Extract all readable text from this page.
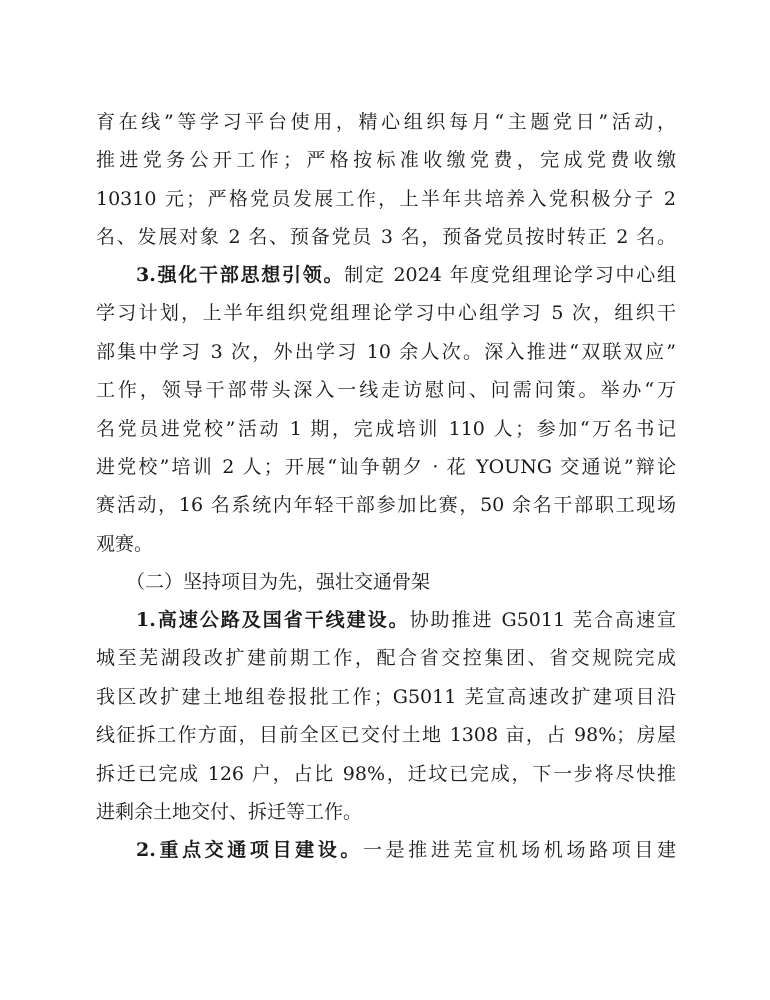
育在线”等学习平台使用，精心组织每月“主题党日”活动，
推进党务公开工作；严格按标准收缴党费，完成党费收缴
10310 元；严格党员发展工作，上半年共培养入党积极分子 2
名、发展对象 2 名、预备党员 3 名，预备党员按时转正 2 名。
3.强化干部思想引领。制定 2024 年度党组理论学习中心组
学习计划，上半年组织党组理论学习中心组学习 5 次，组织干
部集中学习 3 次，外出学习 10 余人次。深入推进“双联双应”
工作，领导干部带头深入一线走访慰问、问需问策。举办“万
名党员进党校”活动 1 期，完成培训 110 人；参加“万名书记
进党校”培训 2 人；开展“讪争朝夕 · 花 YOUNG 交通说”辩论
赛活动，16 名系统内年轻干部参加比赛，50 余名干部职工现场
观赛。
（二）坚持项目为先，强壮交通骨架
1.高速公路及国省干线建设。协助推进 G5011 芜合高速宣
城至芜湖段改扩建前期工作，配合省交控集团、省交规院完成
我区改扩建土地组卷报批工作；G5011 芜宣高速改扩建项目沿
线征拆工作方面，目前全区已交付土地 1308 亩，占 98%；房屋
拆迁已完成 126 户，占比 98%，迁坟已完成，下一步将尽快推
进剩余土地交付、拆迁等工作。
2.重点交通项目建设。一是推进芜宣机场机场路项目建
